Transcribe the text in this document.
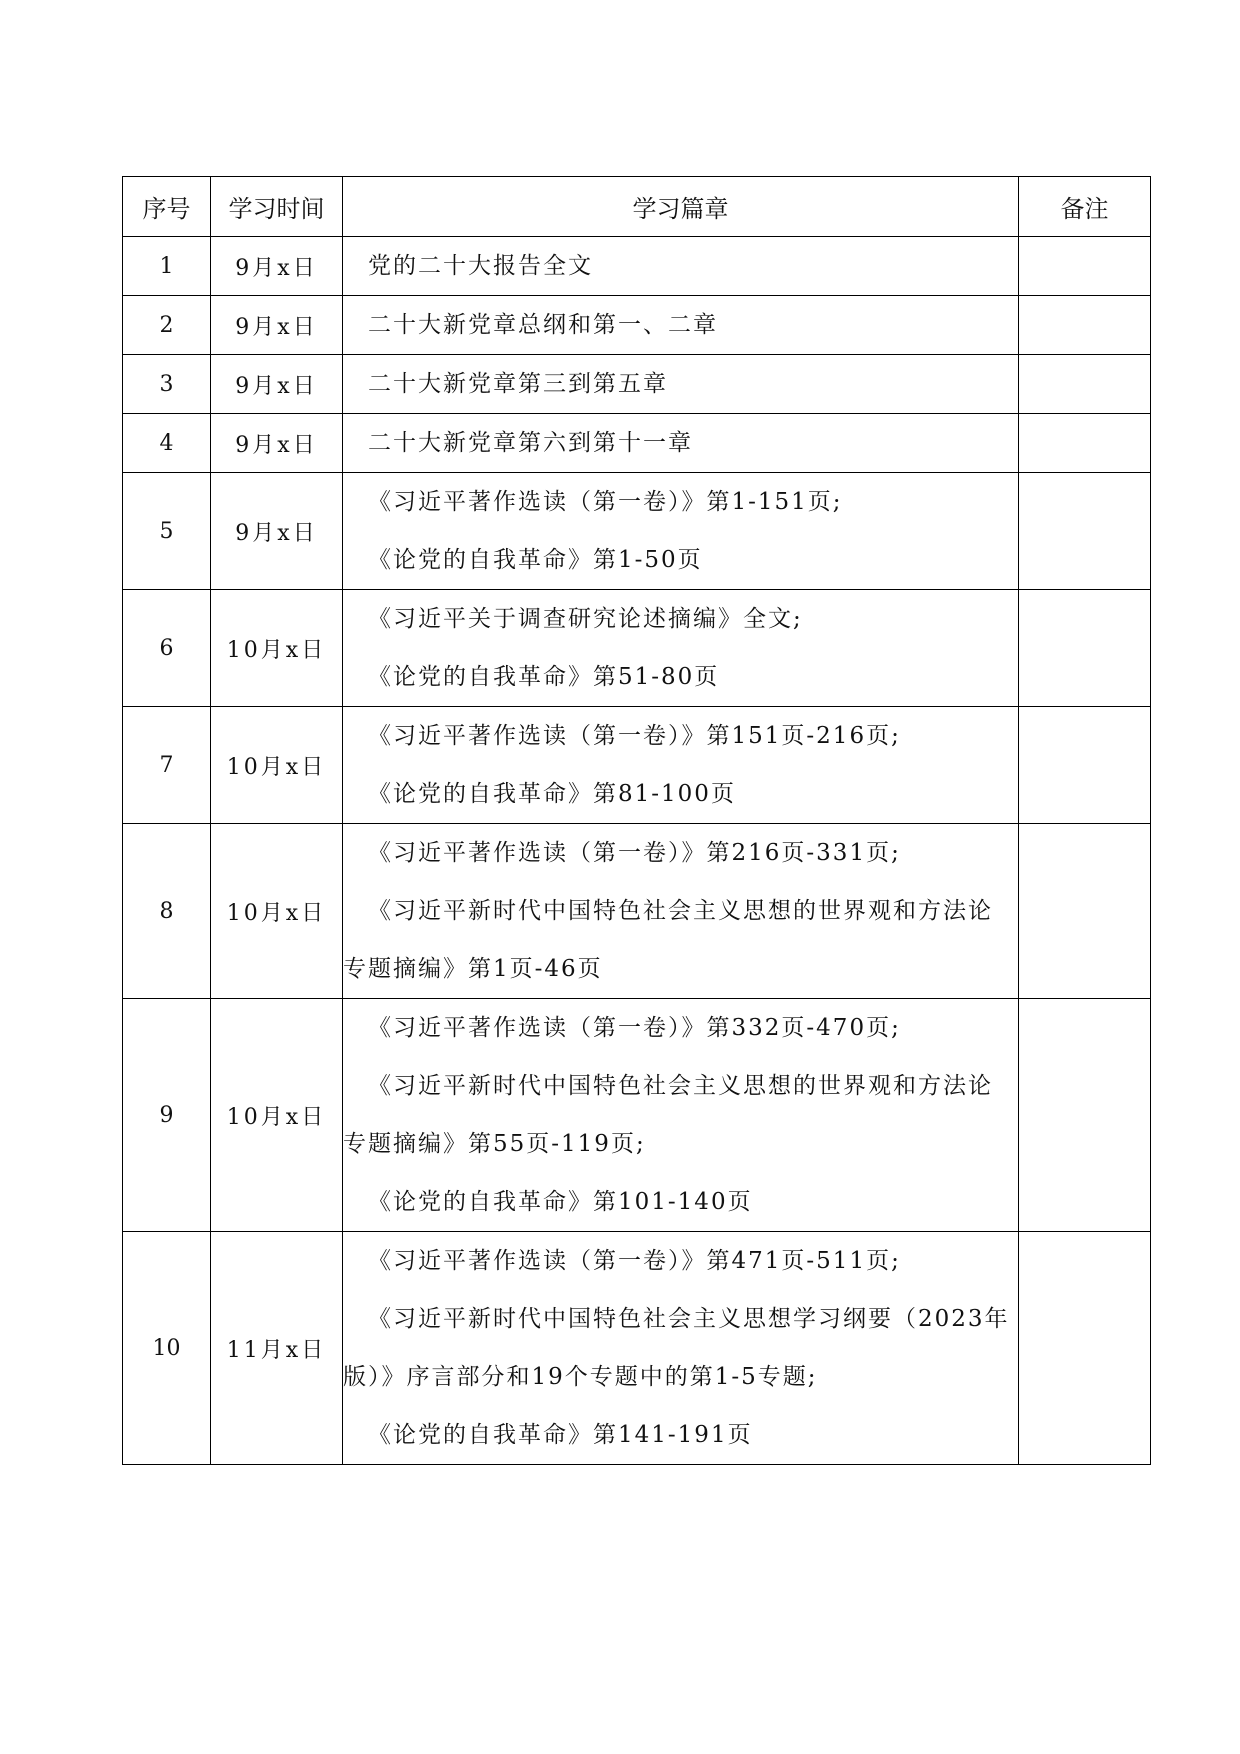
序号	学习时间	学习篇章	备注
1	9月x日	党的二十大报告全文	

2	9月x日	二十大新党章总纲和第一、二章	

3	9月x日	二十大新党章第三到第五章	

4	9月x日	二十大新党章第六到第十一章	

5	9月x日	《习近平著作选读（第一卷）》第1-151页;
《论党的自我革命》第1-50页	

6	10月x日	《习近平关于调查研究论述摘编》全文;
《论党的自我革命》第51-80页	

7	10月x日	《习近平著作选读（第一卷）》第151页-216页;
《论党的自我革命》第81-100页	

8	10月x日	《习近平著作选读（第一卷）》第216页-331页;
《习近平新时代中国特色社会主义思想的世界观和方法论
专题摘编》第1页-46页	

9	10月x日	《习近平著作选读（第一卷）》第332页-470页;
《习近平新时代中国特色社会主义思想的世界观和方法论
专题摘编》第55页-119页;
《论党的自我革命》第101-140页	

10	11月x日	《习近平著作选读（第一卷）》第471页-511页;
《习近平新时代中国特色社会主义思想学习纲要（2023年
版）》序言部分和19个专题中的第1-5专题;
《论党的自我革命》第141-191页	
